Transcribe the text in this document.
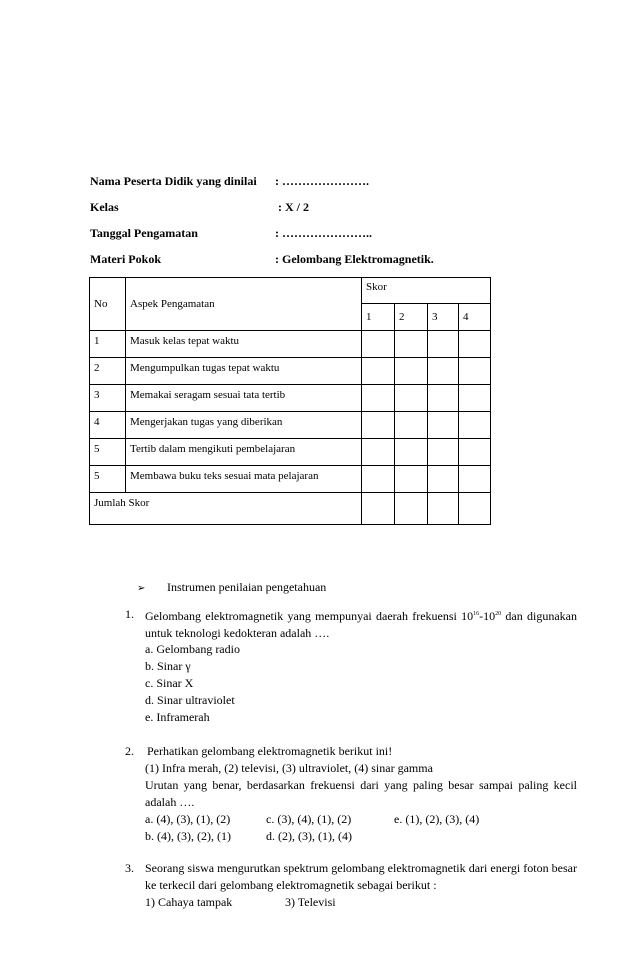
Nama Peserta Didik yang dinilai : ………………….
Kelas	: X / 2
Tanggal Pengamatan	: …………………..
Materi Pokok	: Gelombang Elektromagnetik.
No	Aspek Pengamatan	Skor			
		1	2	3	4
1	Masuk kelas tepat waktu				
2	Mengumpulkan tugas tepat waktu				
3	Memakai seragam sesuai tata tertib				
4	Mengerjakan tugas yang diberikan				
5	Tertib dalam mengikuti pembelajaran				
5	Membawa buku teks sesuai mata pelajaran				
Jumlah Skor					
➢ Instrumen penilaian pengetahuan
1. Gelombang elektromagnetik yang mempunyai daerah frekuensi $10^{16}-10^{20}$ dan digunakan untuk teknologi kedokteran adalah ….
a. Gelombang radio
b. Sinar γ
c. Sinar X
d. Sinar ultraviolet
e. Inframerah
2. Perhatikan gelombang elektromagnetik berikut ini!
(1) Infra merah, (2) televisi, (3) ultraviolet, (4) sinar gamma
Urutan yang benar, berdasarkan frekuensi dari yang paling besar sampai paling kecil adalah ….
a. (4), (3), (1), (2)	c. (3), (4), (1), (2)	e. (1), (2), (3), (4)
b. (4), (3), (2), (1)	d. (2), (3), (1), (4)
3. Seorang siswa mengurutkan spektrum gelombang elektromagnetik dari energi foton besar ke terkecil dari gelombang elektromagnetik sebagai berikut :
1) Cahaya tampak	3) Televisi
